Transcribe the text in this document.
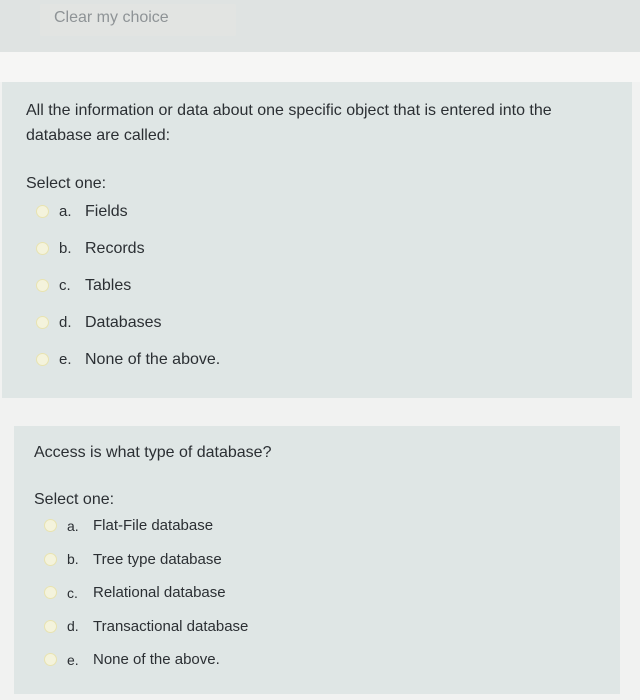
Clear my choice

All the information or data about one specific object that is entered into the database are called:

Select one:
a. Fields
b. Records
c. Tables
d. Databases
e. None of the above.

Access is what type of database?

Select one:
a. Flat-File database
b. Tree type database
c.	Relational database
d. Transactional database
e. None of the above.
